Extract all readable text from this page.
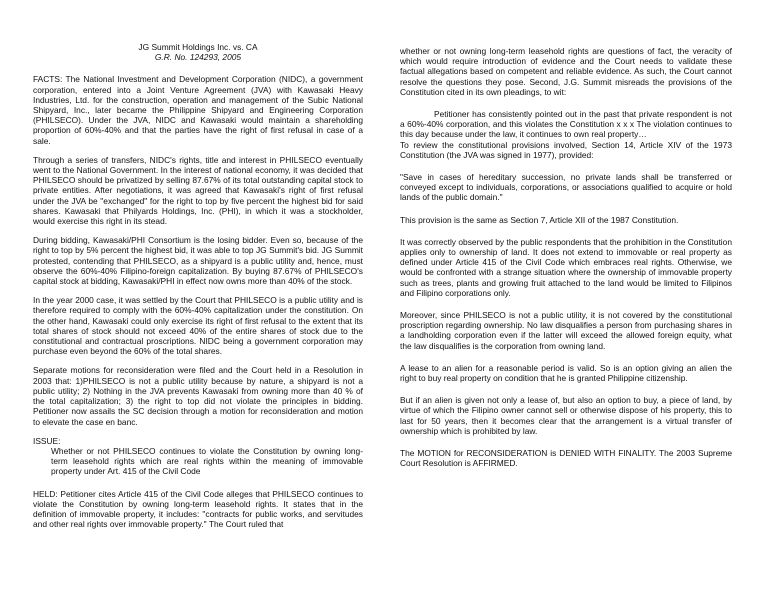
JG Summit Holdings Inc. vs. CA

G.R. No. 124293, 2005

FACTS: The National Investment and Development Corporation (NIDC), a government corporation, entered into a Joint Venture Agreement (JVA) with Kawasaki Heavy Industries, Ltd. for the construction, operation and management of the Subic National Shipyard, Inc., later became the Philippine Shipyard and Engineering Corporation (PHILSECO). Under the JVA, NIDC and Kawasaki would maintain a shareholding proportion of 60%-40% and that the parties have the right of first refusal in case of a sale.

Through a series of transfers, NIDC's rights, title and interest in PHILSECO eventually went to the National Government. In the interest of national economy, it was decided that PHILSECO should be privatized by selling 87.67% of its total outstanding capital stock to private entities. After negotiations, it was agreed that Kawasaki's right of first refusal under the JVA be "exchanged" for the right to top by five percent the highest bid for said shares. Kawasaki that Philyards Holdings, Inc. (PHI), in which it was a stockholder, would exercise this right in its stead.

During bidding, Kawasaki/PHI Consortium is the losing bidder. Even so, because of the right to top by 5% percent the highest bid, it was able to top JG Summit's bid. JG Summit protested, contending that PHILSECO, as a shipyard is a public utility and, hence, must observe the 60%-40% Filipino-foreign capitalization. By buying 87.67% of PHILSECO's capital stock at bidding, Kawasaki/PHI in effect now owns more than 40% of the stock.

In the year 2000 case, it was settled by the Court that PHILSECO is a public utility and is therefore required to comply with the 60%-40% capitalization under the constitution. On the other hand, Kawasaki could only exercise its right of first refusal to the extent that its total shares of stock should not exceed 40% of the entire shares of stock due to the constitutional and contractual proscriptions. NIDC being a government corporation may purchase even beyond the 60% of the total shares.

Separate motions for reconsideration were filed and the Court held in a Resolution in 2003 that: 1)PHILSECO is not a public utility because by nature, a shipyard is not a public utility; 2) Nothing in the JVA prevents Kawasaki from owning more than 40 % of the total capitalization; 3) the right to top did not violate the principles in bidding. Petitioner now assails the SC decision through a motion for reconsideration and motion to elevate the case en banc.

ISSUE:

Whether or not PHILSECO continues to violate the Constitution by owning long-term leasehold rights which are real rights within the meaning of immovable property under Art. 415 of the Civil Code

HELD: Petitioner cites Article 415 of the Civil Code alleges that PHILSECO continues to violate the Constitution by owning long-term leasehold rights. It states that in the definition of immovable property, it includes: "contracts for public works, and servitudes and other real rights over immovable property." The Court ruled that

whether or not owning long-term leasehold rights are questions of fact, the veracity of which would require introduction of evidence and the Court needs to validate these factual allegations based on competent and reliable evidence. As such, the Court cannot resolve the questions they pose. Second, J.G. Summit misreads the provisions of the Constitution cited in its own pleadings, to wit:

Petitioner has consistently pointed out in the past that private respondent is not a 60%-40% corporation, and this violates the Constitution x x x The violation continues to this day because under the law, it continues to own real property…

To review the constitutional provisions involved, Section 14, Article XIV of the 1973 Constitution (the JVA was signed in 1977), provided:

"Save in cases of hereditary succession, no private lands shall be transferred or conveyed except to individuals, corporations, or associations qualified to acquire or hold lands of the public domain."

This provision is the same as Section 7, Article XII of the 1987 Constitution.

It was correctly observed by the public respondents that the prohibition in the Constitution applies only to ownership of land. It does not extend to immovable or real property as defined under Article 415 of the Civil Code which embraces real rights. Otherwise, we would be confronted with a strange situation where the ownership of immovable property such as trees, plants and growing fruit attached to the land would be limited to Filipinos and Filipino corporations only.

Moreover, since PHILSECO is not a public utility, it is not covered by the constitutional proscription regarding ownership. No law disqualifies a person from purchasing shares in a landholding corporation even if the latter will exceed the allowed foreign equity, what the law disqualifies is the corporation from owning land.

A lease to an alien for a reasonable period is valid. So is an option giving an alien the right to buy real property on condition that he is granted Philippine citizenship.

But if an alien is given not only a lease of, but also an option to buy, a piece of land, by virtue of which the Filipino owner cannot sell or otherwise dispose of his property, this to last for 50 years, then it becomes clear that the arrangement is a virtual transfer of ownership which is prohibited by law.

The MOTION for RECONSIDERATION is DENIED WITH FINALITY. The 2003 Supreme Court Resolution is AFFIRMED.
